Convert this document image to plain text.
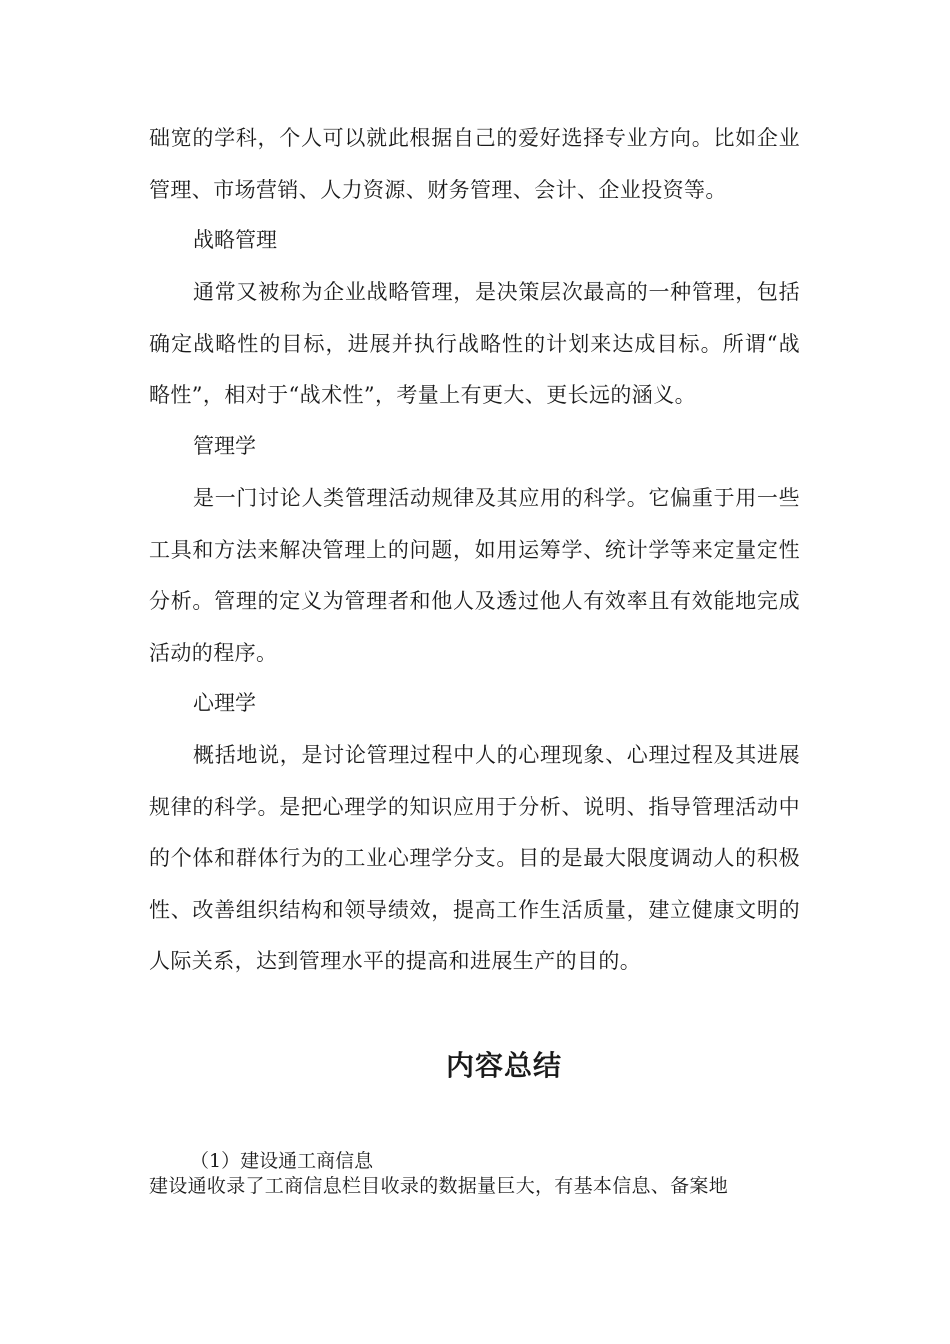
础宽的学科，个人可以就此根据自己的爱好选择专业方向。比如企业管理、市场营销、人力资源、财务管理、会计、企业投资等。

战略管理

通常又被称为企业战略管理，是决策层次最高的一种管理，包括确定战略性的目标，进展并执行战略性的计划来达成目标。所谓“战略性”，相对于“战术性”，考量上有更大、更长远的涵义。

管理学

是一门讨论人类管理活动规律及其应用的科学。它偏重于用一些工具和方法来解决管理上的问题，如用运筹学、统计学等来定量定性分析。管理的定义为管理者和他人及透过他人有效率且有效能地完成活动的程序。

心理学

概括地说，是讨论管理过程中人的心理现象、心理过程及其进展规律的科学。是把心理学的知识应用于分析、说明、指导管理活动中的个体和群体行为的工业心理学分支。目的是最大限度调动人的积极性、改善组织结构和领导绩效，提高工作生活质量，建立健康文明的人际关系，达到管理水平的提高和进展生产的目的。

内容总结

（1）建设通工商信息

建设通收录了工商信息栏目收录的数据量巨大，有基本信息、备案地
